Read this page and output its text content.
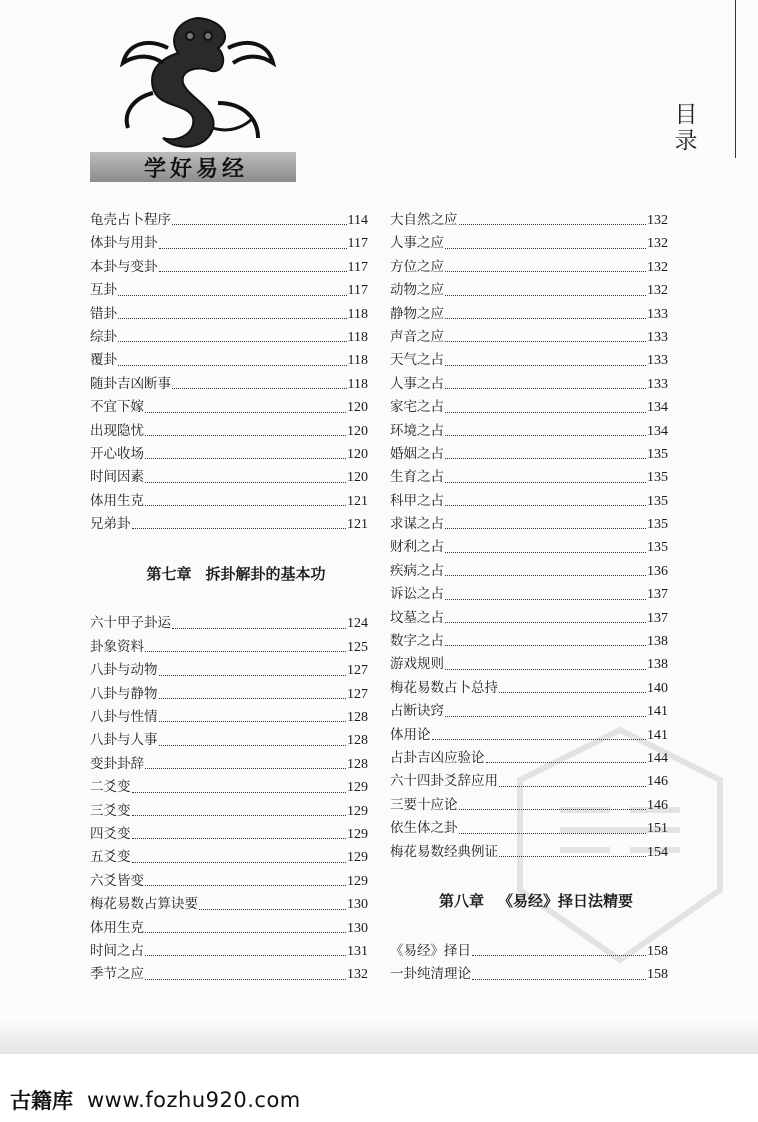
学好易经
目
录
龟壳占卜程序	114
体卦与用卦	117
本卦与变卦	117
互卦	117
错卦	118
综卦	118
覆卦	118
随卦吉凶断事	118
不宜下嫁	120
出现隐忧	120
开心收场	120
时间因素	120
体用生克	121
兄弟卦	121
第七章 拆卦解卦的基本功
六十甲子卦运	124
卦象资料	125
八卦与动物	127
八卦与静物	127
八卦与性情	128
八卦与人事	128
变卦卦辞	128
二爻变	129
三爻变	129
四爻变	129
五爻变	129
六爻皆变	129
梅花易数占算诀要	130
体用生克	130
时间之占	131
季节之应	132
大自然之应	132
人事之应	132
方位之应	132
动物之应	132
静物之应	133
声音之应	133
天气之占	133
人事之占	133
家宅之占	134
环境之占	134
婚姻之占	135
生育之占	135
科甲之占	135
求谋之占	135
财利之占	135
疾病之占	136
诉讼之占	137
坟墓之占	137
数字之占	138
游戏规则	138
梅花易数占卜总持	140
占断诀窍	141
体用论	141
占卦吉凶应验论	144
六十四卦爻辞应用	146
三要十应论	146
依生体之卦	151
梅花易数经典例证	154
第八章 《易经》择日法精要
《易经》择日	158
一卦纯清理论	158
古籍库 www.fozhu920.com
